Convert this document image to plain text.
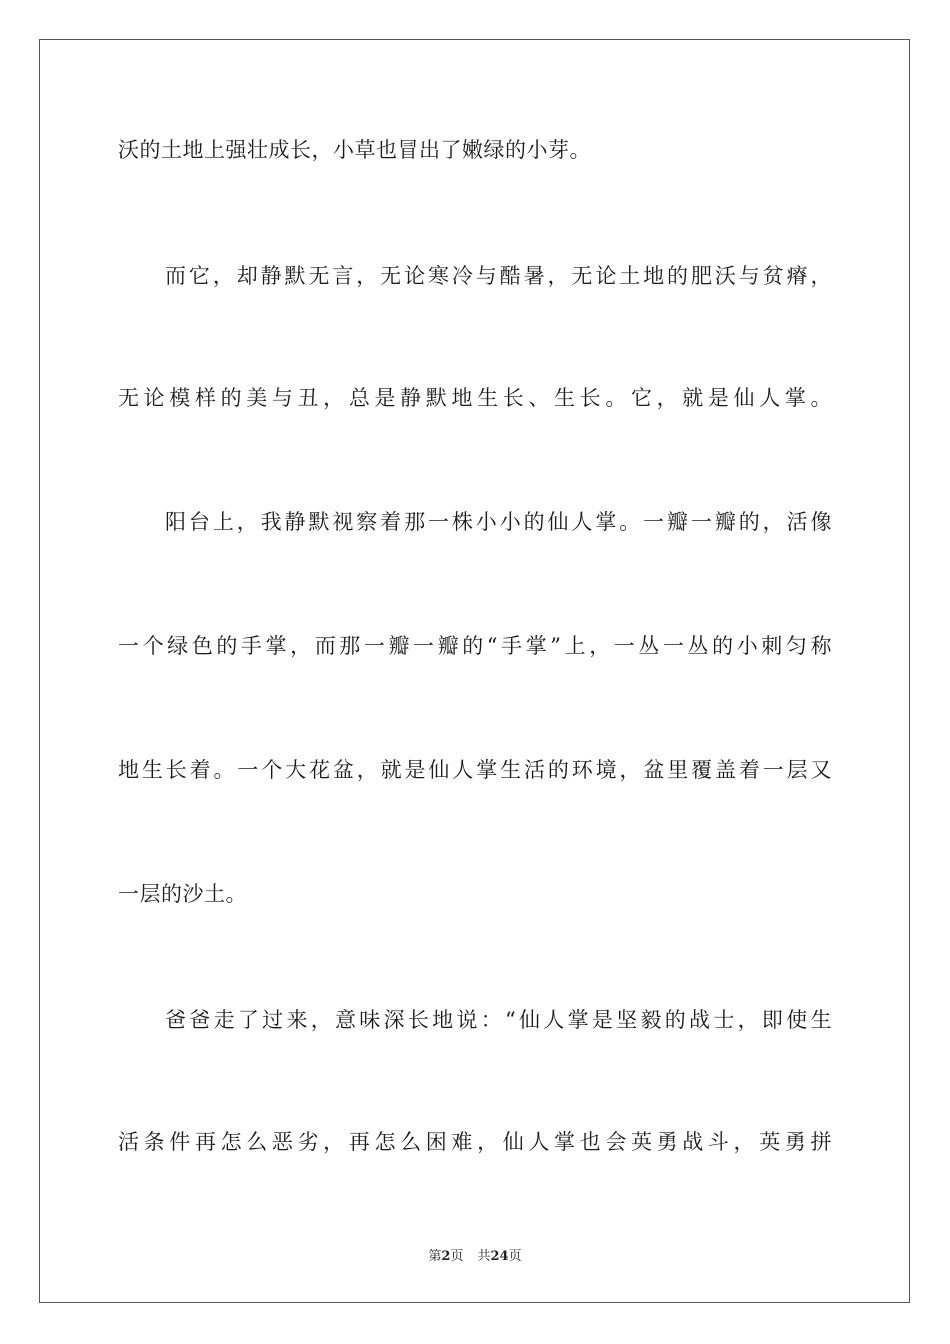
沃的土地上强壮成长，小草也冒出了嫩绿的小芽。
而它，却静默无言，无论寒冷与酷暑，无论土地的肥沃与贫瘠，
无论模样的美与丑，总是静默地生长、生长。它，就是仙人掌。
阳台上，我静默视察着那一株小小的仙人掌。一瓣一瓣的，活像
一个绿色的手掌，而那一瓣一瓣的“手掌”上，一丛一丛的小刺匀称
地生长着。一个大花盆，就是仙人掌生活的环境，盆里覆盖着一层又
一层的沙土。
爸爸走了过来，意味深长地说：“仙人掌是坚毅的战士，即使生
活条件再怎么恶劣，再怎么困难，仙人掌也会英勇战斗，英勇拼
第2页 共24页
